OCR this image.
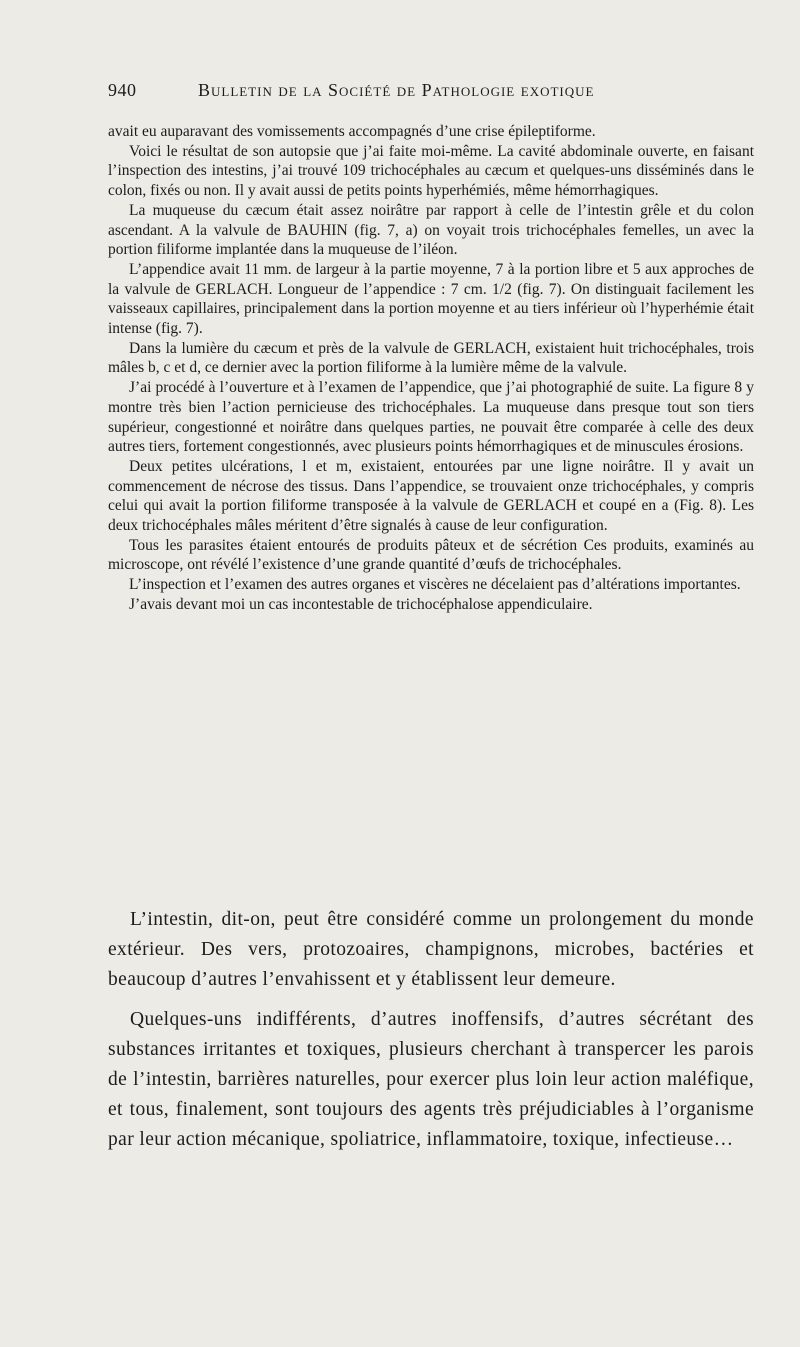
940	Bulletin de la Société de Pathologie exotique

avait eu auparavant des vomissements accompagnés d’une crise épileptiforme.

Voici le résultat de son autopsie que j’ai faite moi-même. La cavité abdominale ouverte, en faisant l’inspection des intestins, j’ai trouvé 109 trichocéphales au cæcum et quelques-uns disséminés dans le colon, fixés ou non. Il y avait aussi de petits points hyperhémiés, même hémorrhagiques.

La muqueuse du cæcum était assez noirâtre par rapport à celle de l’intestin grêle et du colon ascendant. A la valvule de BAUHIN (fig. 7, a) on voyait trois trichocéphales femelles, un avec la portion filiforme implantée dans la muqueuse de l’iléon.

L’appendice avait 11 mm. de largeur à la partie moyenne, 7 à la portion libre et 5 aux approches de la valvule de GERLACH. Longueur de l’appendice : 7 cm. 1/2 (fig. 7). On distinguait facilement les vaisseaux capillaires, principalement dans la portion moyenne et au tiers inférieur où l’hyperhémie était intense (fig. 7).

Dans la lumière du cæcum et près de la valvule de GERLACH, existaient huit trichocéphales, trois mâles b, c et d, ce dernier avec la portion filiforme à la lumière même de la valvule.

J’ai procédé à l’ouverture et à l’examen de l’appendice, que j’ai photographié de suite. La figure 8 y montre très bien l’action pernicieuse des trichocéphales. La muqueuse dans presque tout son tiers supérieur, congestionné et noirâtre dans quelques parties, ne pouvait être comparée à celle des deux autres tiers, fortement congestionnés, avec plusieurs points hémorrhagiques et de minuscules érosions.

Deux petites ulcérations, l et m, existaient, entourées par une ligne noirâtre. Il y avait un commencement de nécrose des tissus. Dans l’appendice, se trouvaient onze trichocéphales, y compris celui qui avait la portion filiforme transposée à la valvule de GERLACH et coupé en a (Fig. 8). Les deux trichocéphales mâles méritent d’être signalés à cause de leur configuration.

Tous les parasites étaient entourés de produits pâteux et de sécrétion Ces produits, examinés au microscope, ont révélé l’existence d’une grande quantité d’œufs de trichocéphales.

L’inspection et l’examen des autres organes et viscères ne décelaient pas d’altérations importantes.

J’avais devant moi un cas incontestable de trichocéphalose appendiculaire.

L’intestin, dit-on, peut être considéré comme un prolongement du monde extérieur. Des vers, protozoaires, champignons, microbes, bactéries et beaucoup d’autres l’envahissent et y établissent leur demeure.

Quelques-uns indifférents, d’autres inoffensifs, d’autres sécrétant des substances irritantes et toxiques, plusieurs cherchant à transpercer les parois de l’intestin, barrières naturelles, pour exercer plus loin leur action maléfique, et tous, finalement, sont toujours des agents très préjudiciables à l’organisme par leur action mécanique, spoliatrice, inflammatoire, toxique, infectieuse…
